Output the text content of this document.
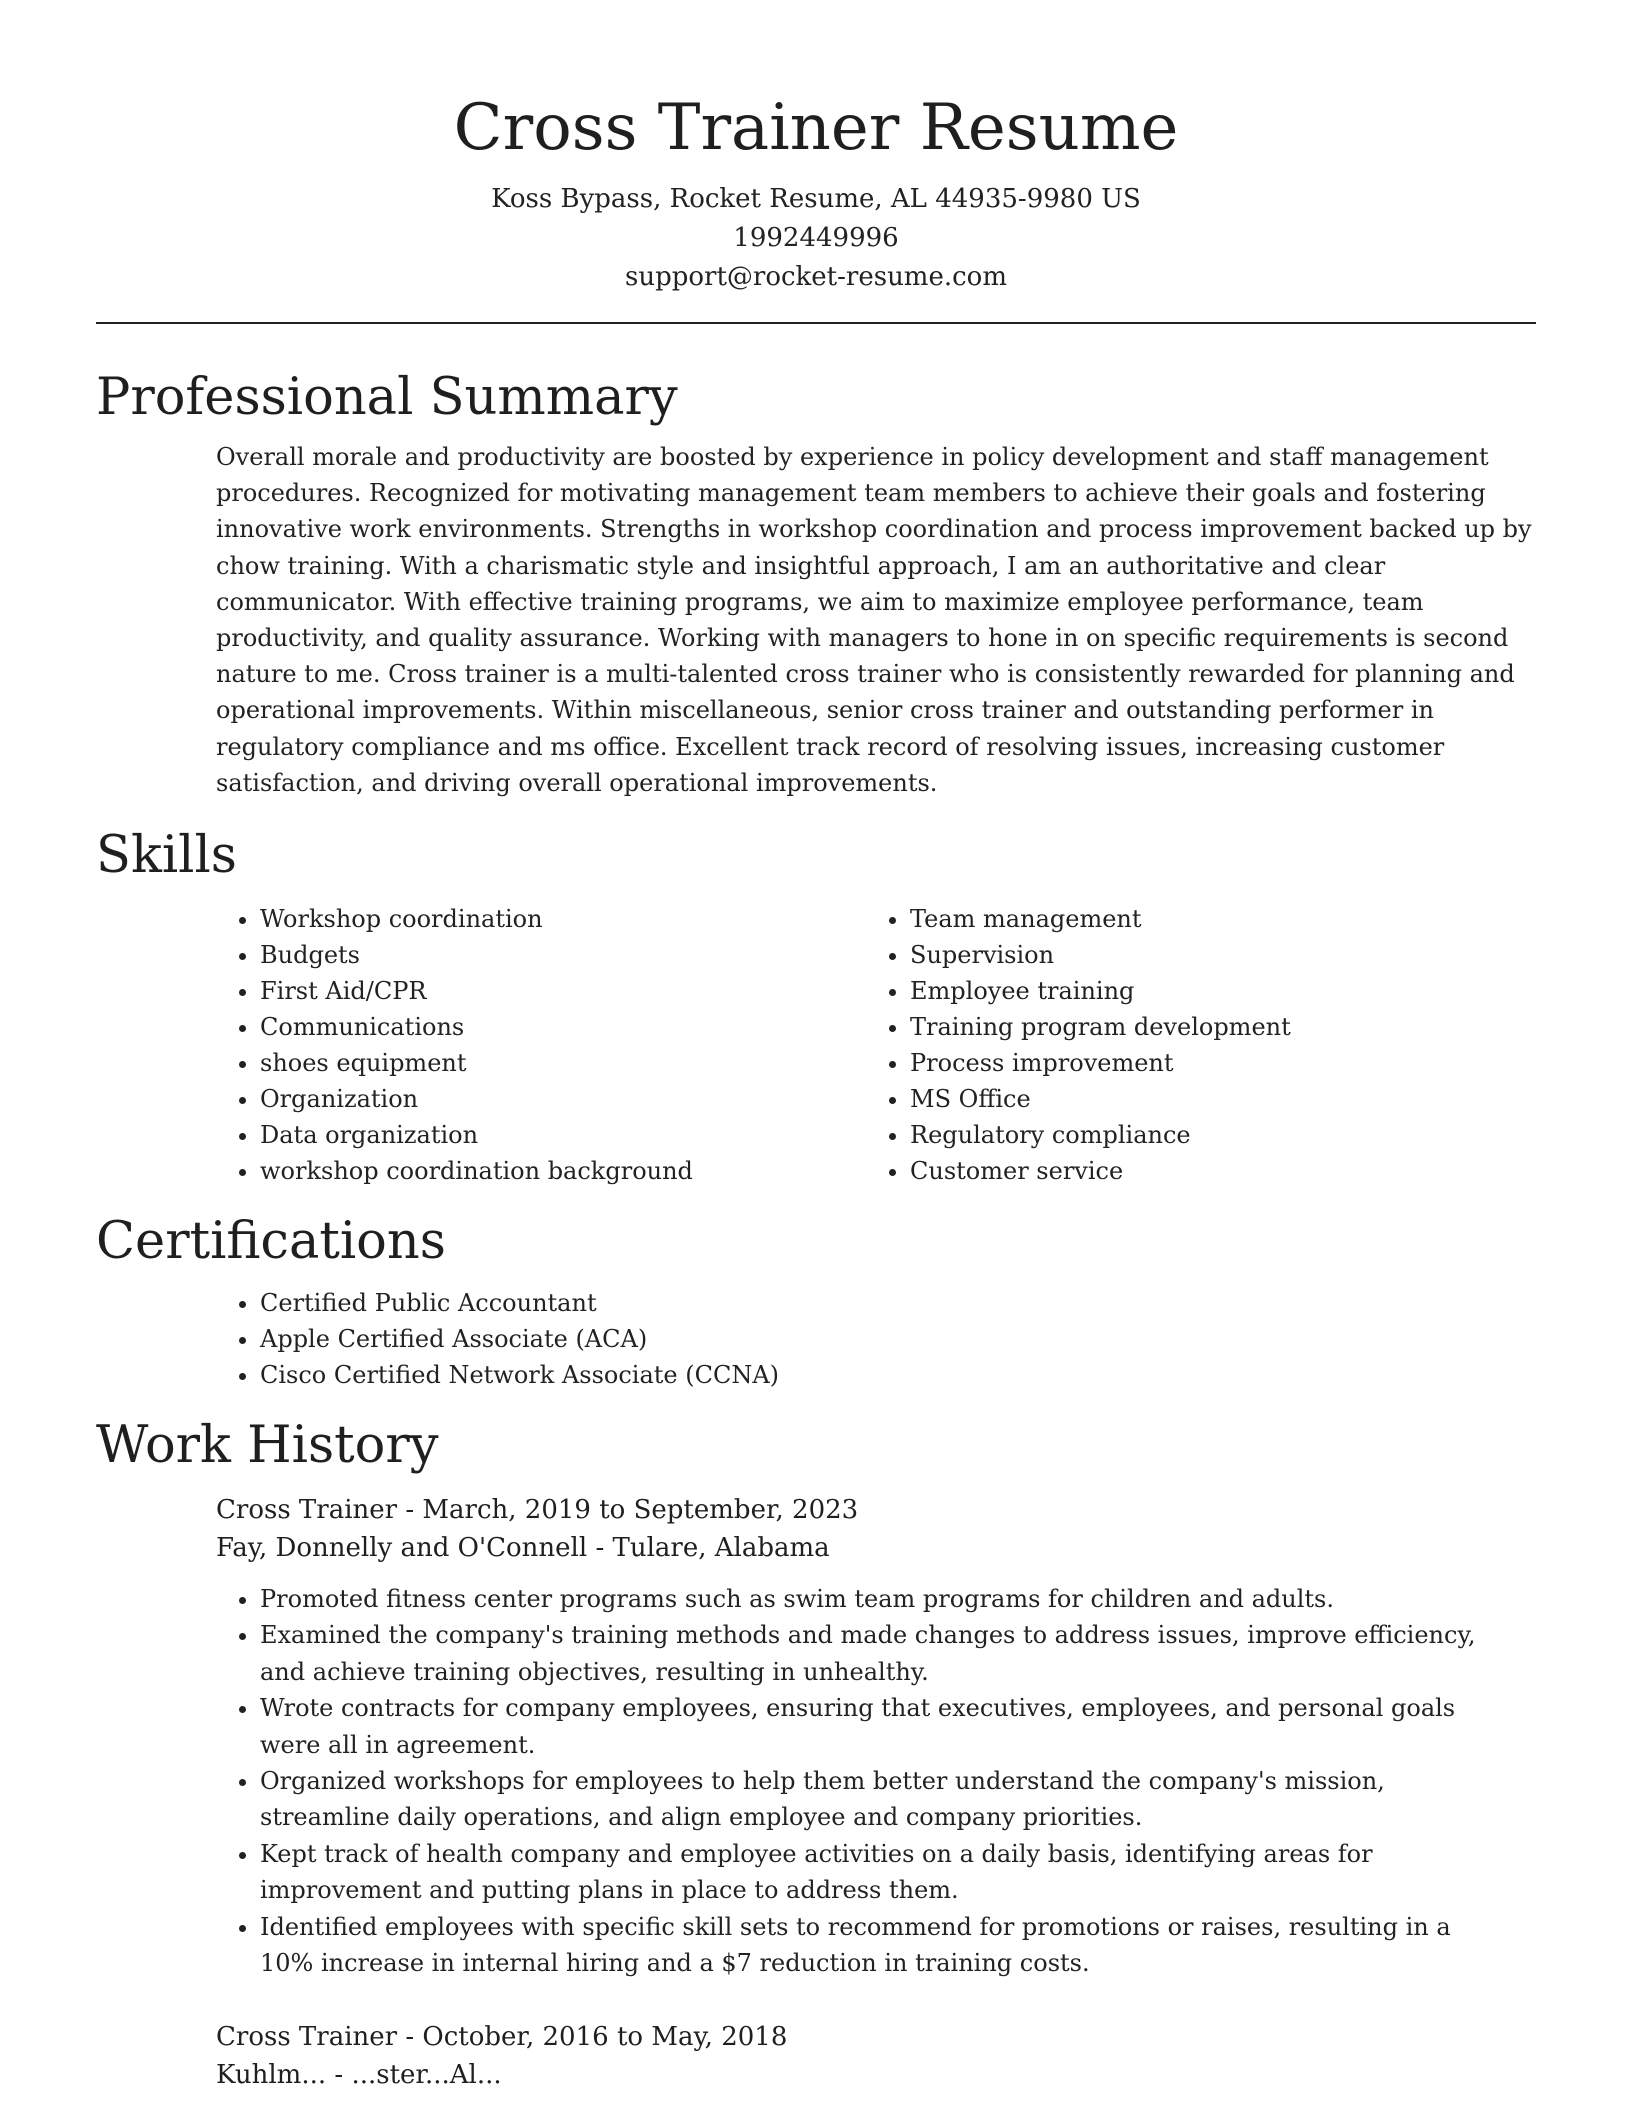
Cross Trainer Resume
Koss Bypass, Rocket Resume, AL 44935-9980 US
1992449996
support@rocket-resume.com
Professional Summary

Overall morale and productivity are boosted by experience in policy development and staff management procedures. Recognized for motivating management team members to achieve their goals and fostering innovative work environments. Strengths in workshop coordination and process improvement backed up by chow training. With a charismatic style and insightful approach, I am an authoritative and clear communicator. With effective training programs, we aim to maximize employee performance, team productivity, and quality assurance. Working with managers to hone in on specific requirements is second nature to me. Cross trainer is a multi-talented cross trainer who is consistently rewarded for planning and operational improvements. Within miscellaneous, senior cross trainer and outstanding performer in regulatory compliance and ms office. Excellent track record of resolving issues, increasing customer satisfaction, and driving overall operational improvements.

Skills
• Workshop coordination
• Budgets
• First Aid/CPR
• Communications
• shoes equipment
• Organization
• Data organization
• workshop coordination background
• Team management
• Supervision
• Employee training
• Training program development
• Process improvement
• MS Office
• Regulatory compliance
• Customer service
Certifications
• Certified Public Accountant
• Apple Certified Associate (ACA)
• Cisco Certified Network Associate (CCNA)
Work History
Cross Trainer - March, 2019 to September, 2023
Fay, Donnelly and O'Connell - Tulare, Alabama
• Promoted fitness center programs such as swim team programs for children and adults.
• Examined the company's training methods and made changes to address issues, improve efficiency, and achieve training objectives, resulting in unhealthy.
• Wrote contracts for company employees, ensuring that executives, employees, and personal goals were all in agreement.
• Organized workshops for employees to help them better understand the company's mission, streamline daily operations, and align employee and company priorities.
• Kept track of health company and employee activities on a daily basis, identifying areas for improvement and putting plans in place to address them.
• Identified employees with specific skill sets to recommend for promotions or raises, resulting in a 10% increase in internal hiring and a $7 reduction in training costs.
Cross Trainer - October, 2016 to May, 2018
Kuhlm... - ...ster...Al...
